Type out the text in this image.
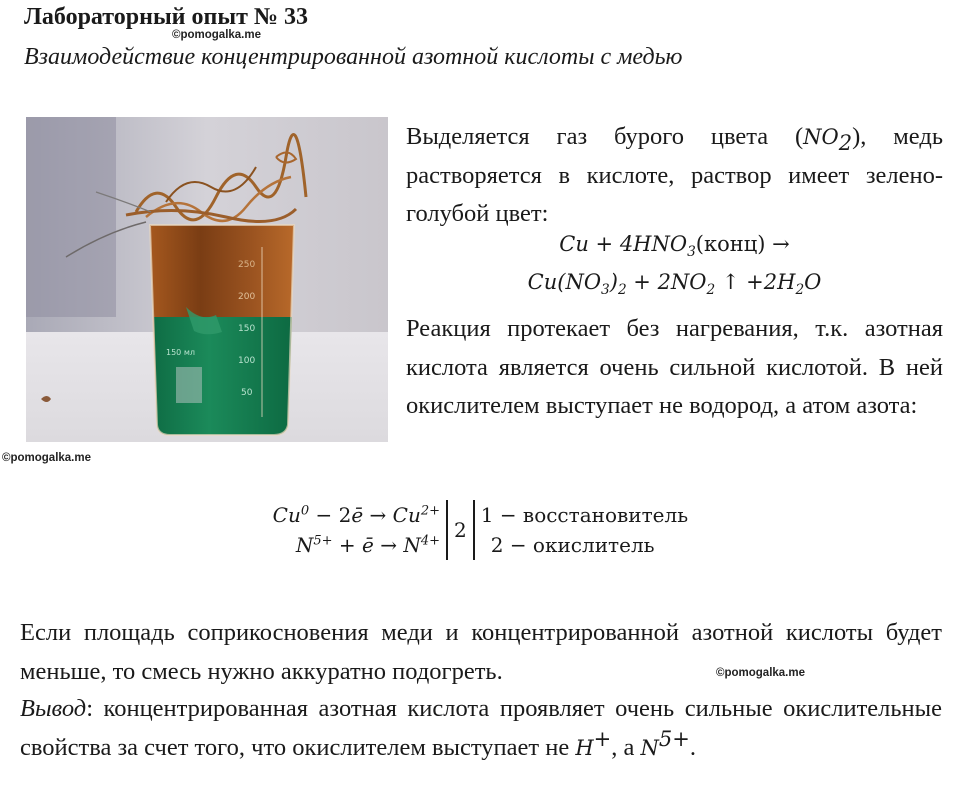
Лабораторный опыт № 33
©pomogalka.me
Взаимодействие концентрированной азотной кислоты с медью
250
200
150
100
50
150 мл
©pomogalka.me
Выделяется газ бурого цвета $(NO_2)$, медь растворяется в кислоте, раствор имеет зелено-голубой цвет:
$Cu + 4HNO_3(конц)$ →
$Cu(NO_3)_2 + 2NO_2$ ↑ $+2H_2O$
Реакция протекает без нагревания, т.к. азотная кислота является очень сильной кислотой. В ней окислителем выступает не водород, а атом азота:
$Cu^0$ − 2ē → $Cu^{2+}$
$N^{5+}$ + ē → $N^{4+}$ 2
1 − восстановитель
2 − окислитель
Если площадь соприкосновения меди и концентрированной азотной кислоты будет меньше, то смесь нужно аккуратно подогреть.	©pomogalka.me
Вывод: концентрированная азотная кислота проявляет очень сильные окислительные свойства за счет того, что окислителем выступает не H+, а $N^{5+}$.
